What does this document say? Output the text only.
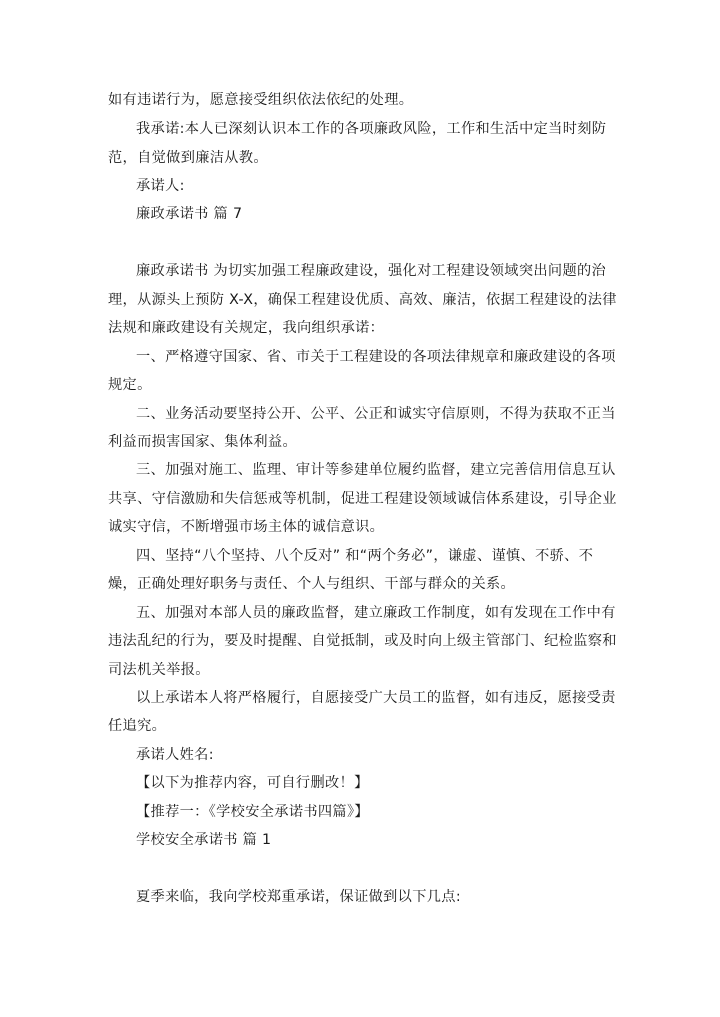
如有违诺行为，愿意接受组织依法依纪的处理。
我承诺:本人已深刻认识本工作的各项廉政风险，工作和生活中定当时刻防
范，自觉做到廉洁从教。
承诺人:
廉政承诺书 篇 7
廉政承诺书 为切实加强工程廉政建设，强化对工程建设领域突出问题的治
理，从源头上预防 X-X，确保工程建设优质、高效、廉洁，依据工程建设的法律
法规和廉政建设有关规定，我向组织承诺：
一、严格遵守国家、省、市关于工程建设的各项法律规章和廉政建设的各项
规定。
二、业务活动要坚持公开、公平、公正和诚实守信原则，不得为获取不正当
利益而损害国家、集体利益。
三、加强对施工、监理、审计等参建单位履约监督，建立完善信用信息互认
共享、守信激励和失信惩戒等机制，促进工程建设领域诚信体系建设，引导企业
诚实守信，不断增强市场主体的诚信意识。
四、坚持“八个坚持、八个反对” 和“两个务必”，谦虚、谨慎、不骄、不
燥，正确处理好职务与责任、个人与组织、干部与群众的关系。
五、加强对本部人员的廉政监督，建立廉政工作制度，如有发现在工作中有
违法乱纪的行为，要及时提醒、自觉抵制，或及时向上级主管部门、纪检监察和
司法机关举报。
以上承诺本人将严格履行，自愿接受广大员工的监督，如有违反，愿接受责
任追究。
承诺人姓名:
【以下为推荐内容，可自行删改！】
【推荐一：《学校安全承诺书四篇》】
学校安全承诺书 篇 1
夏季来临，我向学校郑重承诺，保证做到以下几点:
